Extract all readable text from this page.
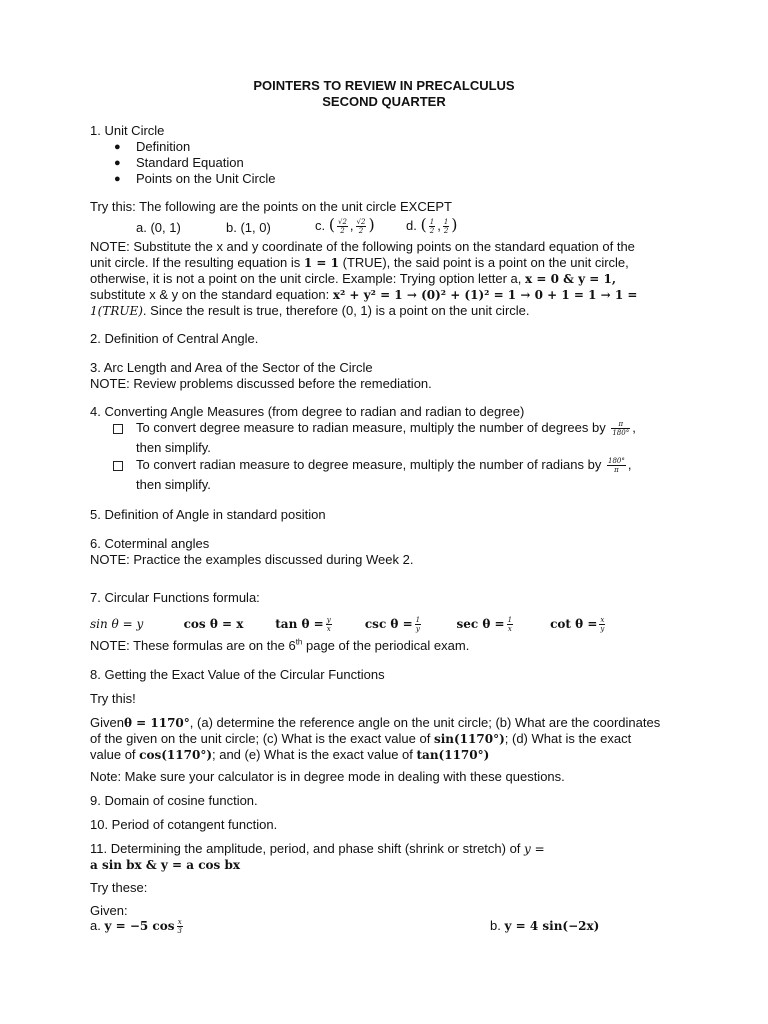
POINTERS TO REVIEW IN PRECALCULUS
SECOND QUARTER
1. Unit Circle
● Definition
● Standard Equation
● Points on the Unit Circle
Try this: The following are the points on the unit circle EXCEPT
a. (0, 1)	b. (1, 0)	c. ( $\frac{√2}{2}$ , $\frac{√2}{2}$ ) d. ( $\frac{1}{2}$ , $\frac{1}{2}$ )
NOTE: Substitute the x and y coordinate of the following points on the standard equation of the
unit circle. If the resulting equation is 1 = 1 (TRUE), the said point is a point on the unit circle,
otherwise, it is not a point on the unit circle. Example: Trying option letter a, x = 0 & y = 1,
substitute x & y on the standard equation: x² + y² = 1 → (0)² + (1)² = 1 → 0 + 1 = 1 → 1 =
1(TRUE). Since the result is true, therefore (0, 1) is a point on the unit circle.
2. Definition of Central Angle.
3. Arc Length and Area of the Sector of the Circle
NOTE: Review problems discussed before the remediation.
4. Converting Angle Measures (from degree to radian and radian to degree)
To convert degree measure to radian measure, multiply the number of degrees by $\frac{\pi}{180^\circ}$ ,
then simplify.
To convert radian measure to degree measure, multiply the number of radians by $\frac{180^\circ}{\pi}$ ,
then simplify.
5. Definition of Angle in standard position
6. Coterminal angles
NOTE: Practice the examples discussed during Week 2.
7. Circular Functions formula:
sin θ = y	cos θ = x	$\tan \theta = \frac{y}{x}$	$\csc \theta = \frac{1}{y}$	$\sec \theta = \frac{1}{x}$	$\cot \theta = \frac{x}{y}$
NOTE: These formulas are on the 6th page of the periodical exam.
8. Getting the Exact Value of the Circular Functions
Try this!
Givenθ = 1170°, (a) determine the reference angle on the unit circle; (b) What are the coordinates
of the given on the unit circle; (c) What is the exact value of sin(1170°); (d) What is the exact
value of cos(1170°); and (e) What is the exact value of tan(1170°)
Note: Make sure your calculator is in degree mode in dealing with these questions.
9. Domain of cosine function.
10. Period of cotangent function.
11. Determining the amplitude, period, and phase shift (shrink or stretch) of y =
a sin bx & y = a cos bx
Try these:
Given:
a. y = −5 $\cos \frac{x}{3}$	b. y = 4 sin(−2x)
